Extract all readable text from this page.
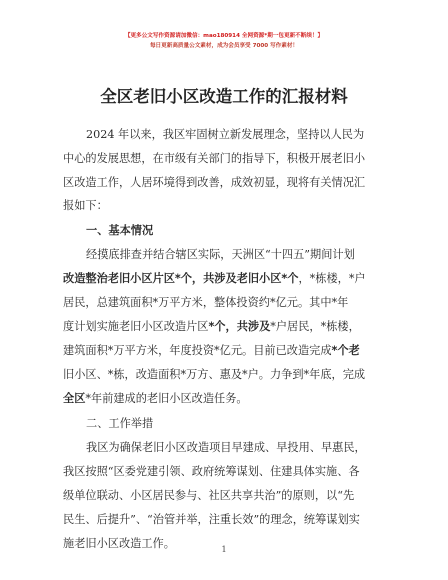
【更多公文写作资源请加微信：mao180914 全网资源*期一包更新不断续！】
每日更新高质量公文素材，成为会员享受 7000 写作素材！
全区老旧小区改造工作的汇报材料
2024 年以来，我区牢固树立新发展理念，坚持以人民为
中心的发展思想，在市级有关部门的指导下，积极开展老旧小
区改造工作，人居环境得到改善，成效初显，现将有关情况汇
报如下：
一、基本情况
经摸底排查并结合辖区实际，天洲区“十四五”期间计划
改造整治老旧小区片区*个，共涉及老旧小区*个，*栋楼，*户
居民，总建筑面积*万平方米，整体投资约*亿元。其中*年
度计划实施老旧小区改造片区*个，共涉及*户居民，*栋楼，
建筑面积*万平方米，年度投资*亿元。目前已改造完成*个老
旧小区、*栋，改造面积*万方、惠及*户。力争到*年底，完成
全区*年前建成的老旧小区改造任务。
二、工作举措
我区为确保老旧小区改造项目早建成、早投用、早惠民，
我区按照“区委党建引领、政府统筹谋划、住建具体实施、各
级单位联动、小区居民参与、社区共享共治”的原则，以“先
民生、后提升”、“治管并举，注重长效”的理念，统筹谋划实
施老旧小区改造工作。	1
